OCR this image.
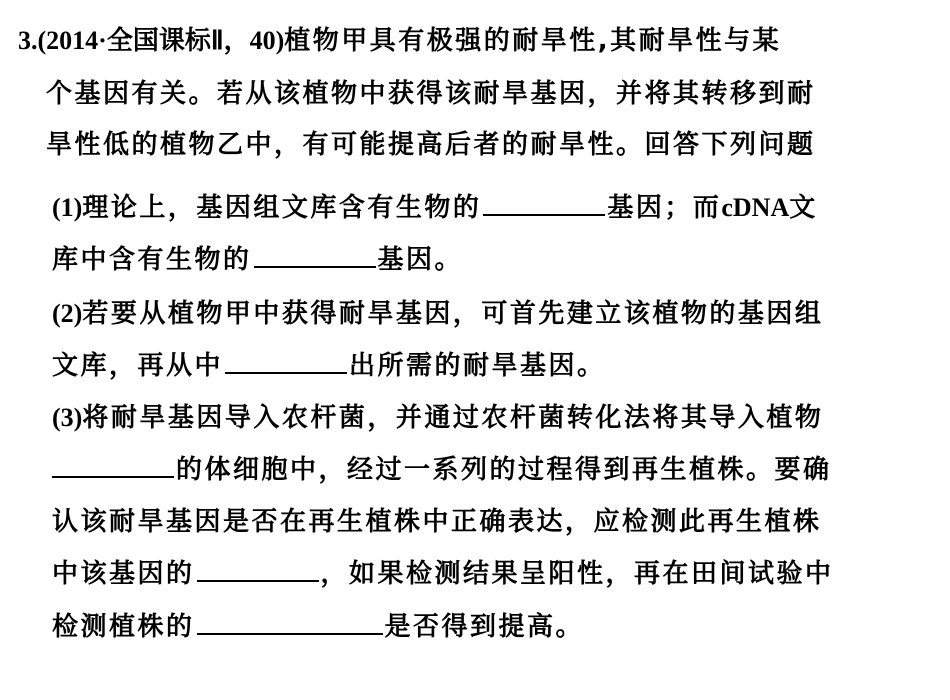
3.(2014·全国课标Ⅱ，40)植物甲具有极强的耐旱性,其耐旱性与某
个基因有关。若从该植物中获得该耐旱基因，并将其转移到耐
旱性低的植物乙中，有可能提高后者的耐旱性。回答下列问题
(1)理论上，基因组文库含有生物的	基因；而cDNA文
库中含有生物的	基因。
(2)若要从植物甲中获得耐旱基因，可首先建立该植物的基因组
文库，再从中	出所需的耐旱基因。
(3)将耐旱基因导入农杆菌，并通过农杆菌转化法将其导入植物
的体细胞中，经过一系列的过程得到再生植株。要确
认该耐旱基因是否在再生植株中正确表达，应检测此再生植株
中该基因的	，如果检测结果呈阳性，再在田间试验中
检测植株的	是否得到提高。
